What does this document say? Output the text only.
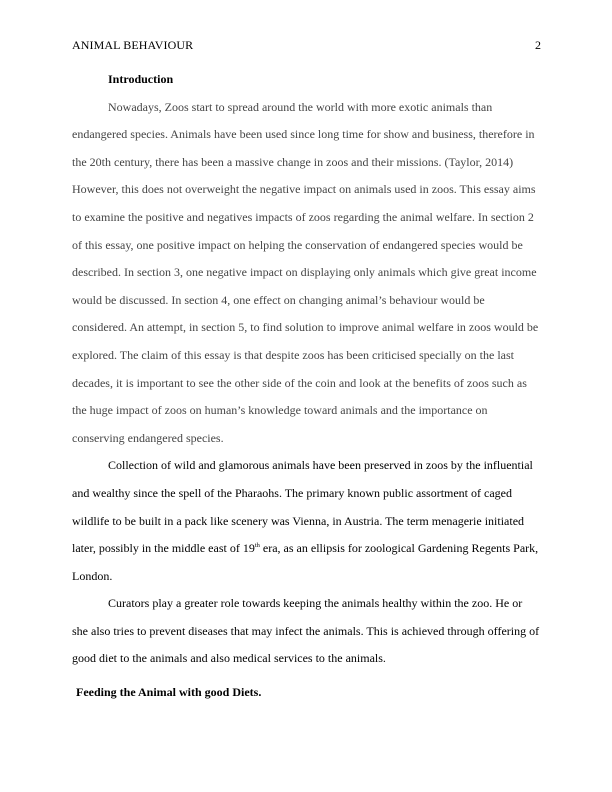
ANIMAL BEHAVIOUR	2

Introduction

Nowadays, Zoos start to spread around the world with more exotic animals than endangered species. Animals have been used since long time for show and business, therefore in the 20th century, there has been a massive change in zoos and their missions. (Taylor, 2014) However, this does not overweight the negative impact on animals used in zoos. This essay aims to examine the positive and negatives impacts of zoos regarding the animal welfare. In section 2 of this essay, one positive impact on helping the conservation of endangered species would be described. In section 3, one negative impact on displaying only animals which give great income would be discussed. In section 4, one effect on changing animal’s behaviour would be considered. An attempt, in section 5, to find solution to improve animal welfare in zoos would be explored. The claim of this essay is that despite zoos has been criticised specially on the last decades, it is important to see the other side of the coin and look at the benefits of zoos such as the huge impact of zoos on human’s knowledge toward animals and the importance on conserving endangered species.

Collection of wild and glamorous animals have been preserved in zoos by the influential and wealthy since the spell of the Pharaohs. The primary known public assortment of caged wildlife to be built in a pack like scenery was Vienna, in Austria. The term menagerie initiated later, possibly in the middle east of 19th era, as an ellipsis for zoological Gardening Regents Park, London.

Curators play a greater role towards keeping the animals healthy within the zoo. He or she also tries to prevent diseases that may infect the animals. This is achieved through offering of good diet to the animals and also medical services to the animals.

Feeding the Animal with good Diets.
